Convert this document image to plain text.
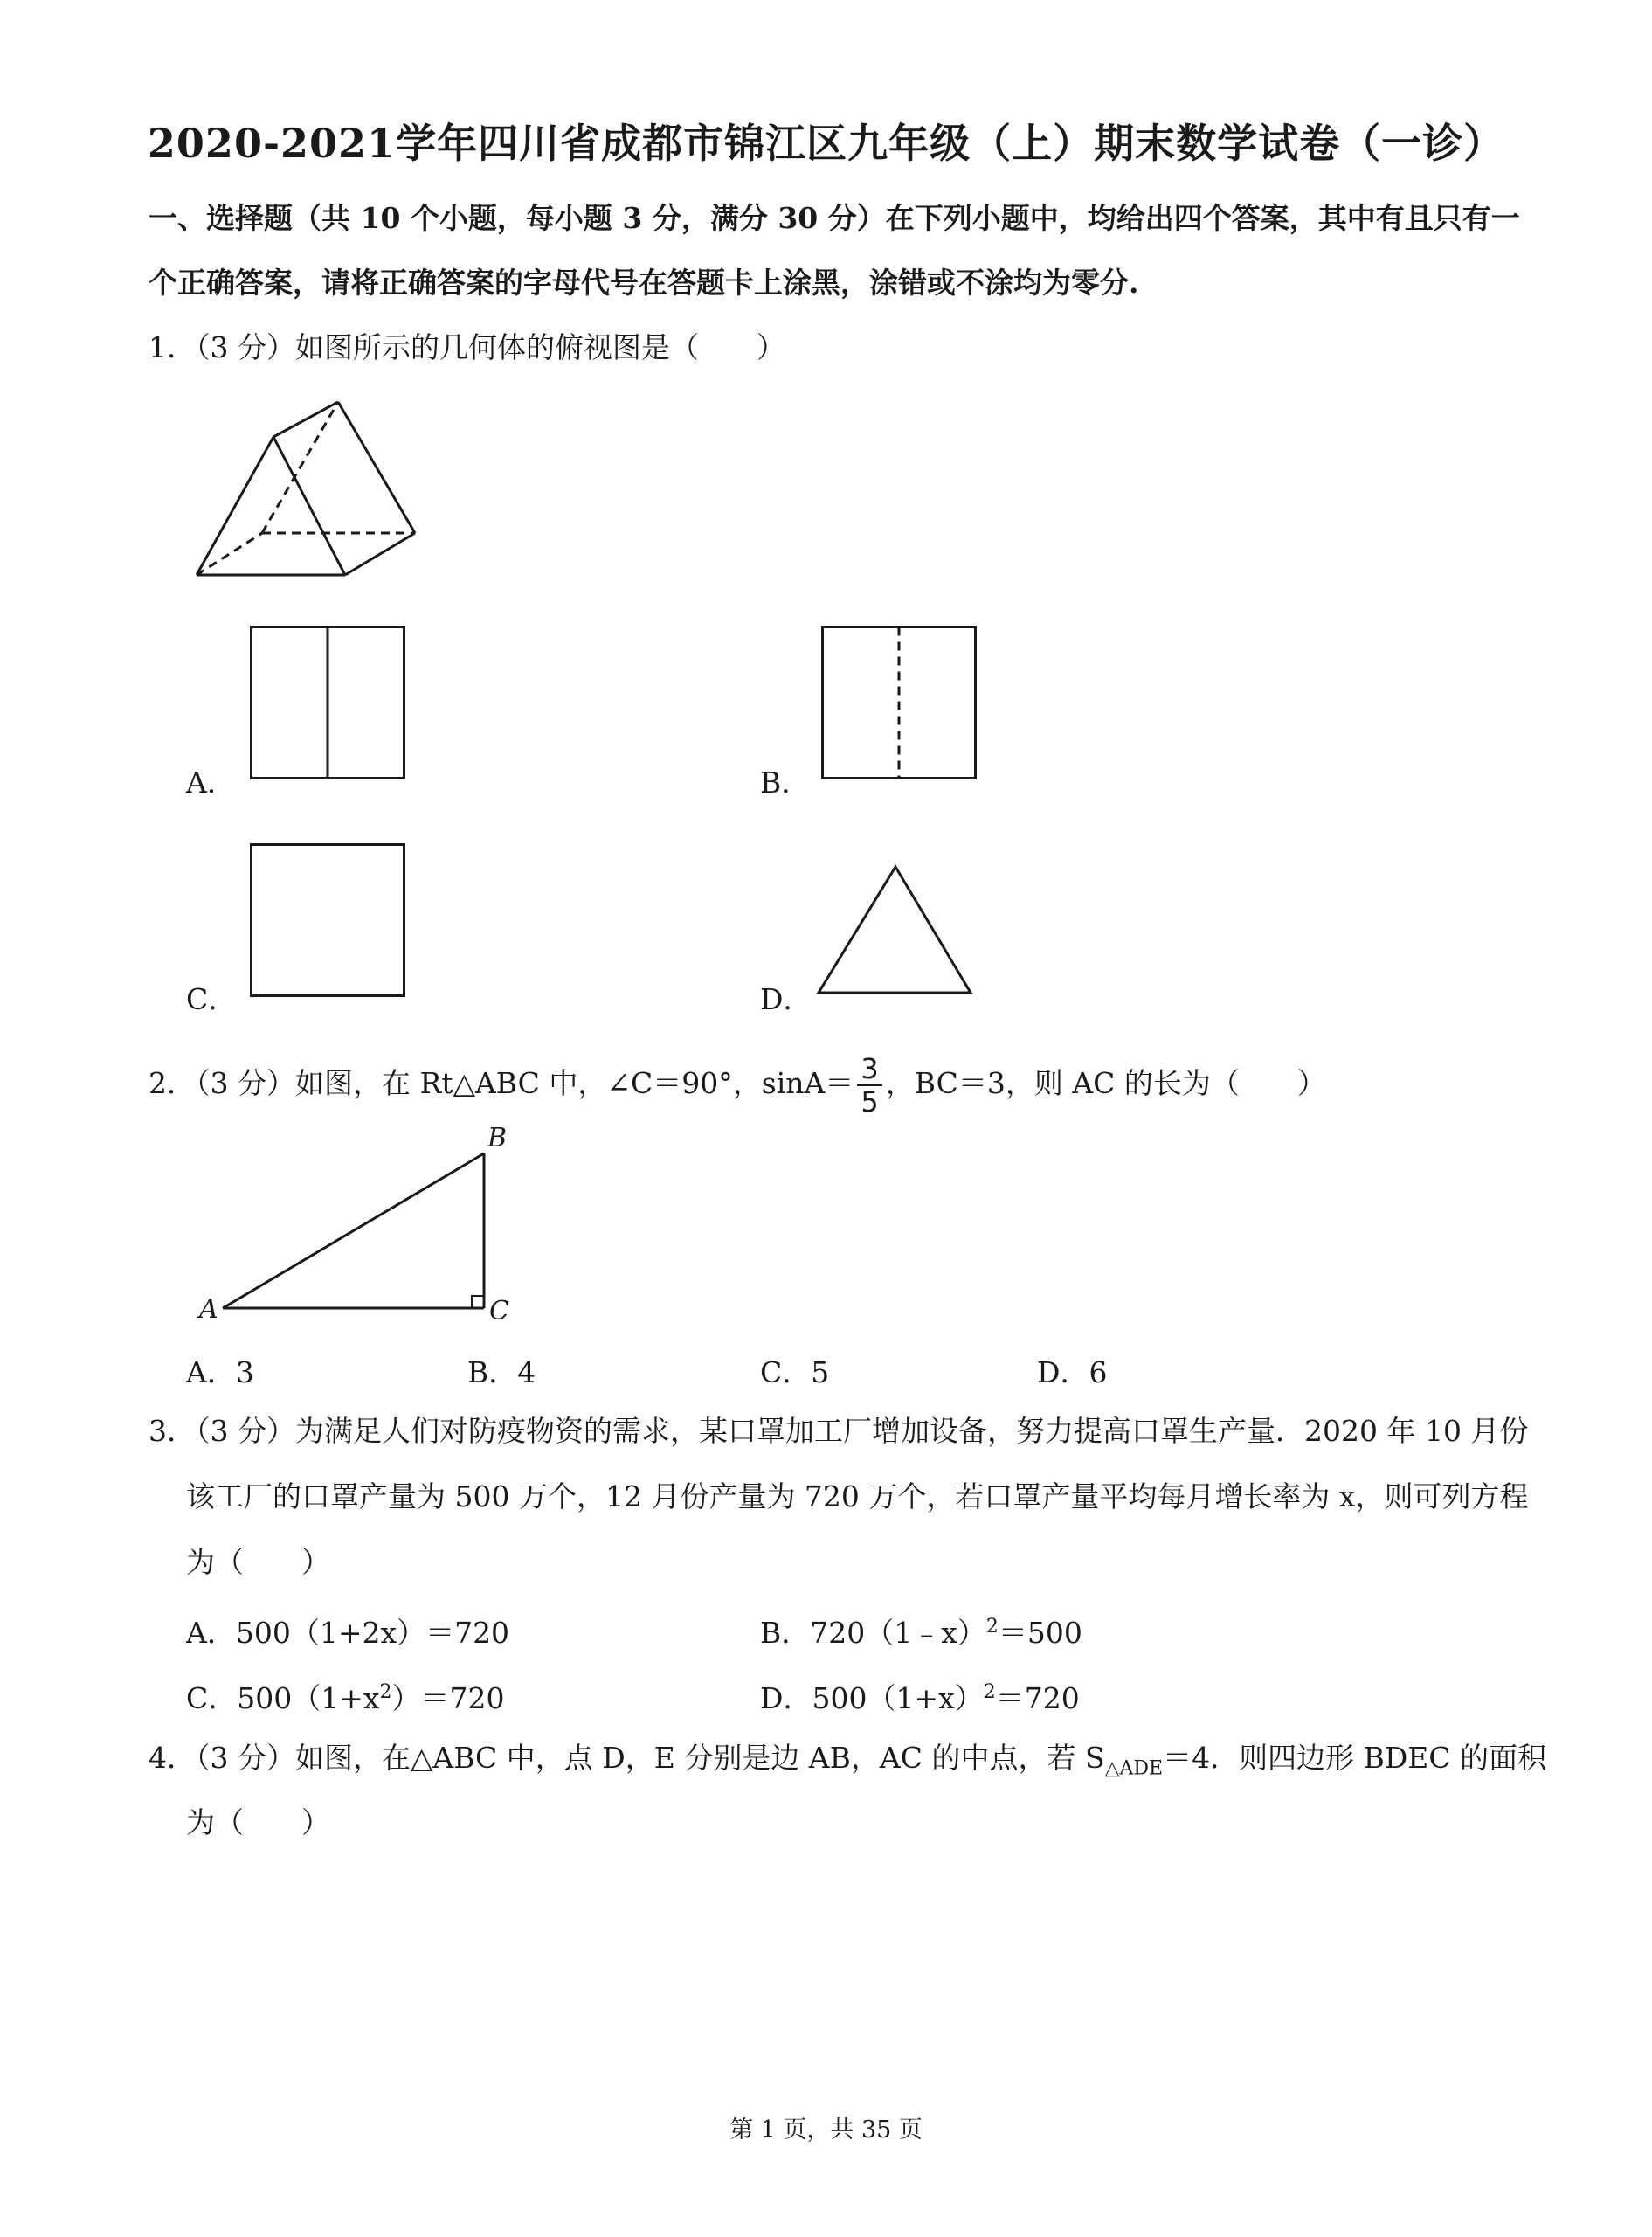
2020-2021学年四川省成都市锦江区九年级（上）期末数学试卷（一诊）
一、选择题（共 10 个小题，每小题 3 分，满分 30 分）在下列小题中，均给出四个答案，其中有且只有一
个正确答案，请将正确答案的字母代号在答题卡上涂黑，涂错或不涂均为零分.
1．（3 分）如图所示的几何体的俯视图是（　　）
A．	B．
C．	D．
2．（3 分）如图，在 Rt△ABC 中，∠C＝90°，$\sin A= \frac{3}{5}$ ，BC＝3，则 AC 的长为（　　）
B
A	C
A．3	B．4	C．5	D．6
3．（3 分）为满足人们对防疫物资的需求，某口罩加工厂增加设备，努力提高口罩生产量．2020 年 10 月份
该工厂的口罩产量为 500 万个，12 月份产量为 720 万个，若口罩产量平均每月增长率为 x，则可列方程
为（　　）
A．500（1+2x）＝720	B．720（1﹣x）$^2$＝500
C．$500(1+x^2)=720$	D．$500(1+x)^2=720$
4．（3 分）如图，在△ABC 中，点 D，E 分别是边 AB，AC 的中点，若 $S_{\triangle ADE}=4$．则四边形 BDEC 的面积
为（　　）
第 1 页，共 35 页
